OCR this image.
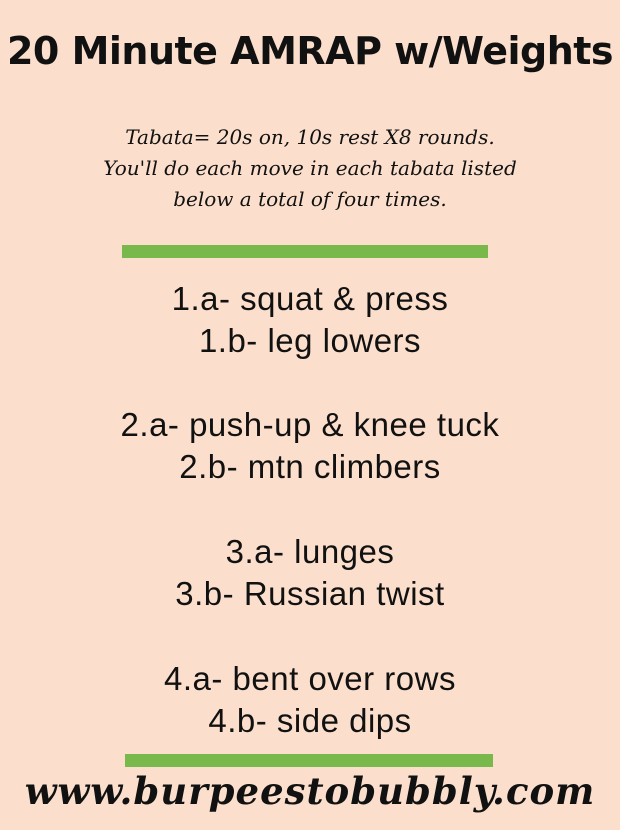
20 Minute AMRAP w/Weights
Tabata= 20s on, 10s rest X8 rounds.
You'll do each move in each tabata listed
below a total of four times.
1.a- squat & press
1.b- leg lowers
2.a- push-up & knee tuck
2.b- mtn climbers
3.a- lunges
3.b- Russian twist
4.a- bent over rows
4.b- side dips
www.burpeestobubbly.com
